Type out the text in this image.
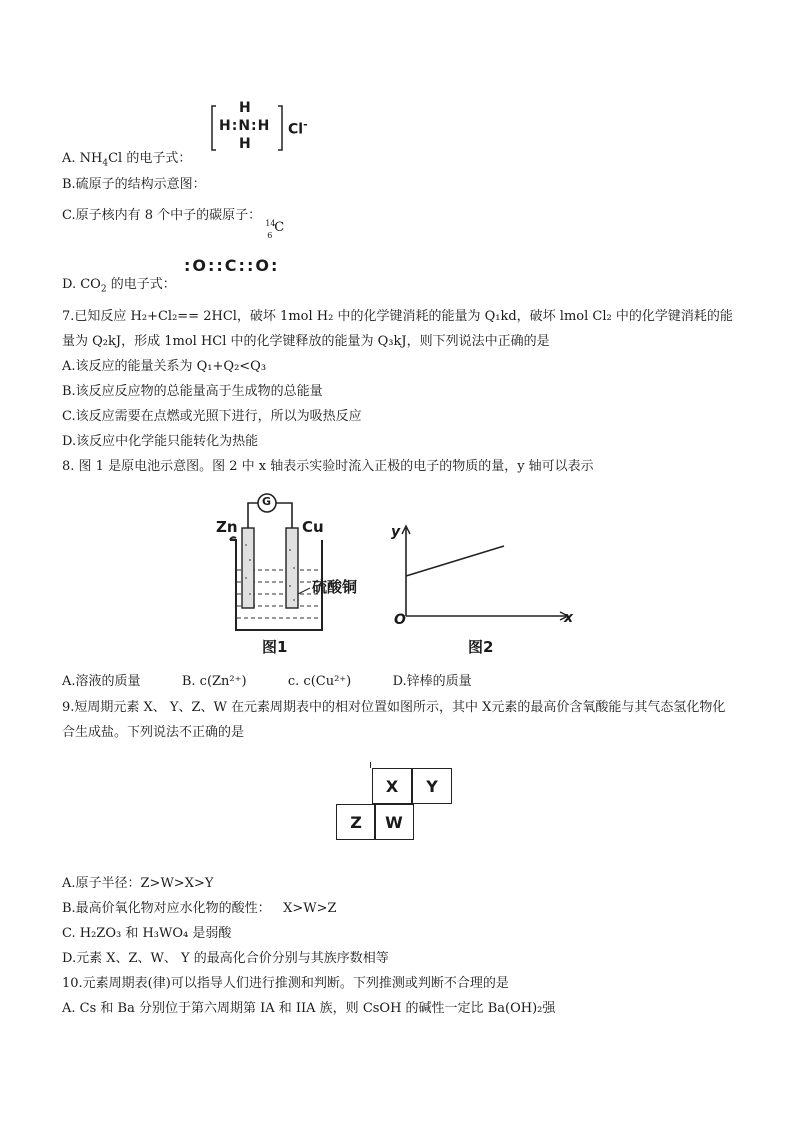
H
H:N:H
H
Cl-
A. $NH_4Cl$ 的电子式：
B.硫原子的结构示意图：
C.原子核内有 8 个中子的碳原子：
14
6
C
:O::C::O:
D. $CO_2$ 的电子式：
7.已知反应 H₂+Cl₂== 2HCl，破坏 1mol H₂ 中的化学键消耗的能量为 Q₁kd，破坏 lmol Cl₂ 中的化学键消耗的能量为 Q₂kJ，形成 1mol HCl 中的化学键释放的能量为 Q₃kJ，则下列说法中正确的是
A.该反应的能量关系为 Q₁+Q₂<Q₃
B.该反应反应物的总能量高于生成物的总能量
C.该反应需要在点燃或光照下进行，所以为吸热反应
D.该反应中化学能只能转化为热能
8. 图 1 是原电池示意图。图 2 中 x 轴表示实验时流入正极的电子的物质的量，y 轴可以表示
Zn	Cu
G
硫酸铜
图1
y
x
O
图2
A.溶液的质量          B. c(Zn²⁺)          c. c(Cu²⁺)          D.锌棒的质量
9.短周期元素 X、 Y、Z、W 在元素周期表中的相对位置如图所示，其中 X元素的最高价含氧酸能与其气态氢化物化合生成盐。下列说法不正确的是
X	Y
Z	W
A.原子半径：Z>W>X>Y
B.最高价氧化物对应水化物的酸性：   X>W>Z
C. H₂ZO₃ 和 H₃WO₄ 是弱酸
D.元素 X、Z、W、 Y 的最高化合价分别与其族序数相等
10.元素周期表(律)可以指导人们进行推测和判断。下列推测或判断不合理的是
A. Cs 和 Ba 分别位于第六周期第 IA 和 IIA 族，则 CsOH 的碱性一定比 Ba(OH)₂强
